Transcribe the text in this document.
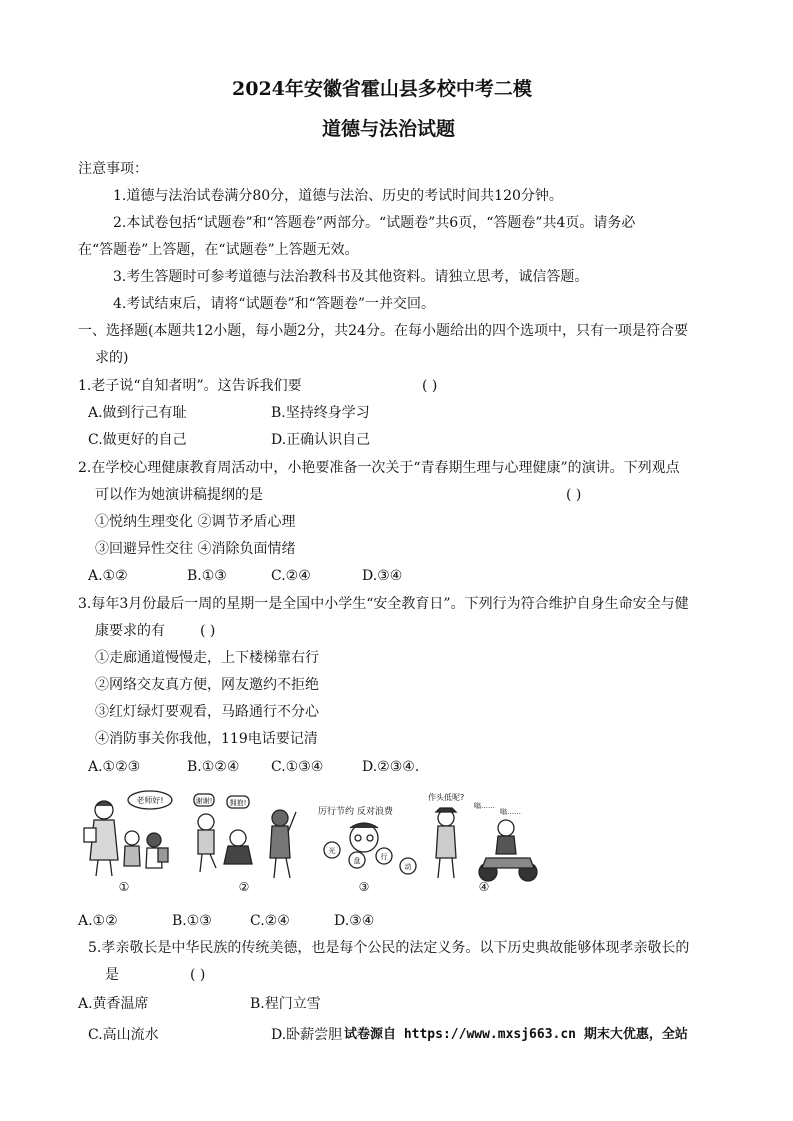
2024年安徽省霍山县多校中考二模
道德与法治试题
注意事项：
1.道德与法治试卷满分80分，道德与法治、历史的考试时间共120分钟。
2.本试卷包括“试题卷”和“答题卷”两部分。“试题卷”共6页，“答题卷”共4页。请务必
在“答题卷”上答题，在“试题卷”上答题无效。
3.考生答题时可参考道德与法治教科书及其他资料。请独立思考，诚信答题。
4.考试结束后，请将“试题卷”和“答题卷”一并交回。
一、选择题(本题共12小题，每小题2分，共24分。在每小题给出的四个选项中，只有一项是符合要
求的)
1.老子说“自知者明”。这告诉我们要	( )
A.做到行己有耻	B.坚持终身学习
C.做更好的自己	D.正确认识自己
2.在学校心理健康教育周活动中，小艳要准备一次关于“青春期生理与心理健康”的演讲。下列观点
可以作为她演讲稿提纲的是	( )
①悦纳生理变化 ②调节矛盾心理
③回避异性交往 ④消除负面情绪
A.①②	B.①③	C.②④	D.③④
3.每年3月份最后一周的星期一是全国中小学生“安全教育日”。下列行为符合维护自身生命安全与健
康要求的有	( )
①走廊通道慢慢走，上下楼梯靠右行
②网络交友真方便，网友邀约不拒绝
③红灯绿灯要观看，马路通行不分心
④消防事关你我他，119电话要记清
A.①②③	B.①②④ C.①③④	D.②③④.
老师好!
①
谢谢! 拥抱!
②
厉行节约 反对浪费
光
盘	行
动
③
作头低呢?
嗡……
嗡……
④
A.①②	B.①③	C.②④	D.③④
5.孝亲敬长是中华民族的传统美德，也是每个公民的法定义务。以下历史典故能够体现孝亲敬长的
是	( )
A.黄香温席	B.程门立雪
C.高山流水	D.卧薪尝胆 试卷源自 https://www.mxsj663.cn 期末大优惠，全站
